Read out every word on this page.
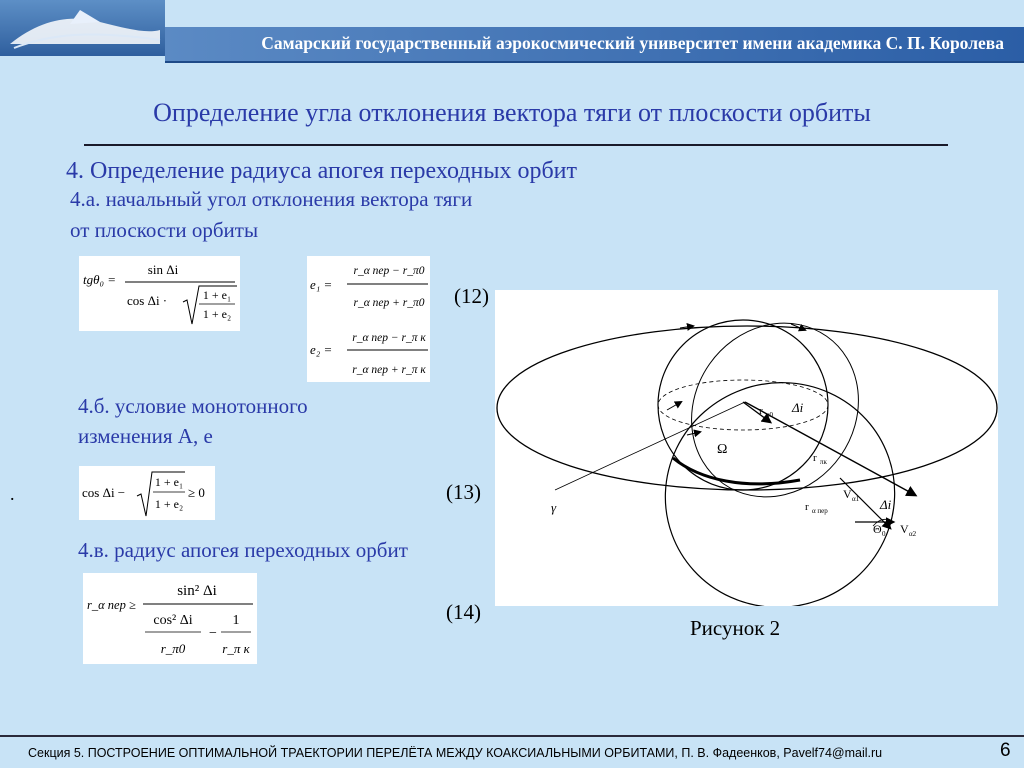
Самарский государственный аэрокосмический университет имени академика С. П. Королева
Определение угла отклонения вектора тяги от плоскости орбиты
4. Определение радиуса апогея переходных орбит
4.а. начальный угол отклонения вектора тяги
от плоскости орбиты
4.б. условие монотонного
изменения А, е
4.в. радиус апогея переходных орбит
.
tgθ₀ =
sin Δi
cos Δi ·	1 + e₁
1 + e₂
e₁ =
r_α пер − r_π0
r_α пер + r_π0
e₂ =
r_α пер − r_π к
r_α пер + r_π к
cos Δi −
1 + e₁
1 + e₂
≥ 0
r_α пер ≥
sin² Δi
cos² Δi
r_π0
−
1
r_π к
(12)
(13)
(14)
r π0 Δi
Ω
r πк
γ
V α1 Δi
r α пер
Θ 0 V α2
Рисунок 2
Секция 5. ПОСТРОЕНИЕ ОПТИМАЛЬНОЙ ТРАЕКТОРИИ ПЕРЕЛЁТА МЕЖДУ КОАКСИАЛЬНЫМИ ОРБИТАМИ, П. В. Фадеенков, Pavelf74@mail.ru	6
